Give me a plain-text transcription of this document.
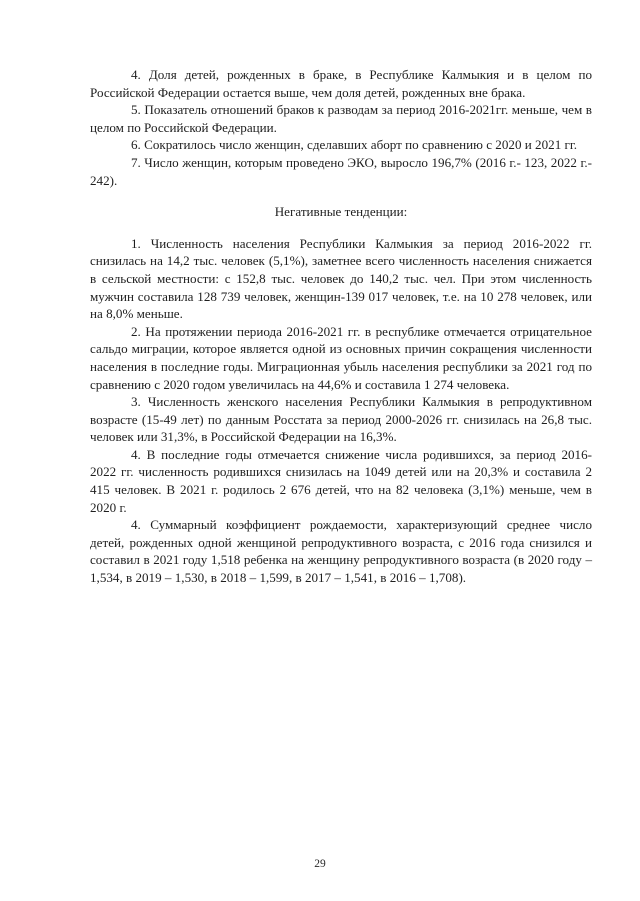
4. Доля детей, рожденных в браке, в Республике Калмыкия и в целом по Российской Федерации остается выше, чем доля детей, рожденных вне брака.

5. Показатель отношений браков к разводам за период 2016-2021гг. меньше, чем в целом по Российской Федерации.

6. Сократилось число женщин, сделавших аборт по сравнению с 2020 и 2021 гг.

7. Число женщин, которым проведено ЭКО, выросло 196,7% (2016 г.- 123, 2022 г.- 242).

Негативные тенденции:

1. Численность населения Республики Калмыкия за период 2016-2022 гг. снизилась на 14,2 тыс. человек (5,1%), заметнее всего численность населения снижается в сельской местности: с 152,8 тыс. человек до 140,2 тыс. чел. При этом численность мужчин составила 128 739 человек, женщин-139 017 человек, т.е. на 10 278 человек, или на 8,0% меньше.

2. На протяжении периода 2016-2021 гг. в республике отмечается отрицательное сальдо миграции, которое является одной из основных причин сокращения численности населения в последние годы. Миграционная убыль населения республики за 2021 год по сравнению с 2020 годом увеличилась на 44,6% и составила 1 274 человека.

3. Численность женского населения Республики Калмыкия в репродуктивном возрасте (15-49 лет) по данным Росстата за период 2000-2026 гг. снизилась на 26,8 тыс. человек или 31,3%, в Российской Федерации на 16,3%.

4. В последние годы отмечается снижение числа родившихся, за период 2016-2022 гг. численность родившихся снизилась на 1049 детей или на 20,3% и составила 2 415 человек. В 2021 г. родилось 2 676 детей, что на 82 человека (3,1%) меньше, чем в 2020 г.

4. Суммарный коэффициент рождаемости, характеризующий среднее число детей, рожденных одной женщиной репродуктивного возраста, с 2016 года снизился и составил в 2021 году 1,518 ребенка на женщину репродуктивного возраста (в 2020 году – 1,534, в 2019 – 1,530, в 2018 – 1,599, в 2017 – 1,541, в 2016 – 1,708).

29
